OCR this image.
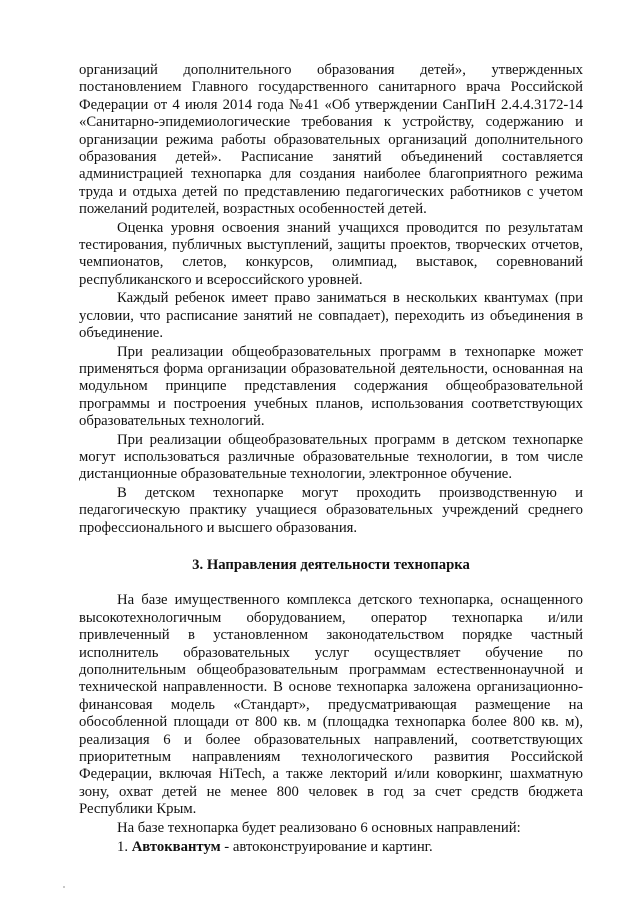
организаций дополнительного образования детей», утвержденных постановлением Главного государственного санитарного врача Российской Федерации от 4 июля 2014 года №41 «Об утверждении СанПиН 2.4.4.3172-14 «Санитарно-эпидемиологические требования к устройству, содержанию и организации режима работы образовательных организаций дополнительного образования детей». Расписание занятий объединений составляется администрацией технопарка для создания наиболее благоприятного режима труда и отдыха детей по представлению педагогических работников с учетом пожеланий родителей, возрастных особенностей детей.

Оценка уровня освоения знаний учащихся проводится по результатам тестирования, публичных выступлений, защиты проектов, творческих отчетов, чемпионатов, слетов, конкурсов, олимпиад, выставок, соревнований республиканского и всероссийского уровней.

Каждый ребенок имеет право заниматься в нескольких квантумах (при условии, что расписание занятий не совпадает), переходить из объединения в объединение.

При реализации общеобразовательных программ в технопарке может применяться форма организации образовательной деятельности, основанная на модульном принципе представления содержания общеобразовательной программы и построения учебных планов, использования соответствующих образовательных технологий.

При реализации общеобразовательных программ в детском технопарке могут использоваться различные образовательные технологии, в том числе дистанционные образовательные технологии, электронное обучение.

В детском технопарке могут проходить производственную и педагогическую практику учащиеся образовательных учреждений среднего профессионального и высшего образования.

3. Направления деятельности технопарка

На базе имущественного комплекса детского технопарка, оснащенного высокотехнологичным оборудованием, оператор технопарка и/или привлеченный в установленном законодательством порядке частный исполнитель образовательных услуг осуществляет обучение по дополнительным общеобразовательным программам естественнонаучной и технической направленности. В основе технопарка заложена организационно-финансовая модель «Стандарт», предусматривающая размещение на обособленной площади от 800 кв. м (площадка технопарка более 800 кв. м), реализация 6 и более образовательных направлений, соответствующих приоритетным направлениям технологического развития Российской Федерации, включая HiTech, а также лекторий и/или коворкинг, шахматную зону, охват детей не менее 800 человек в год за счет средств бюджета Республики Крым.

На базе технопарка будет реализовано 6 основных направлений:

1. Автоквантум - автоконструирование и картинг.
